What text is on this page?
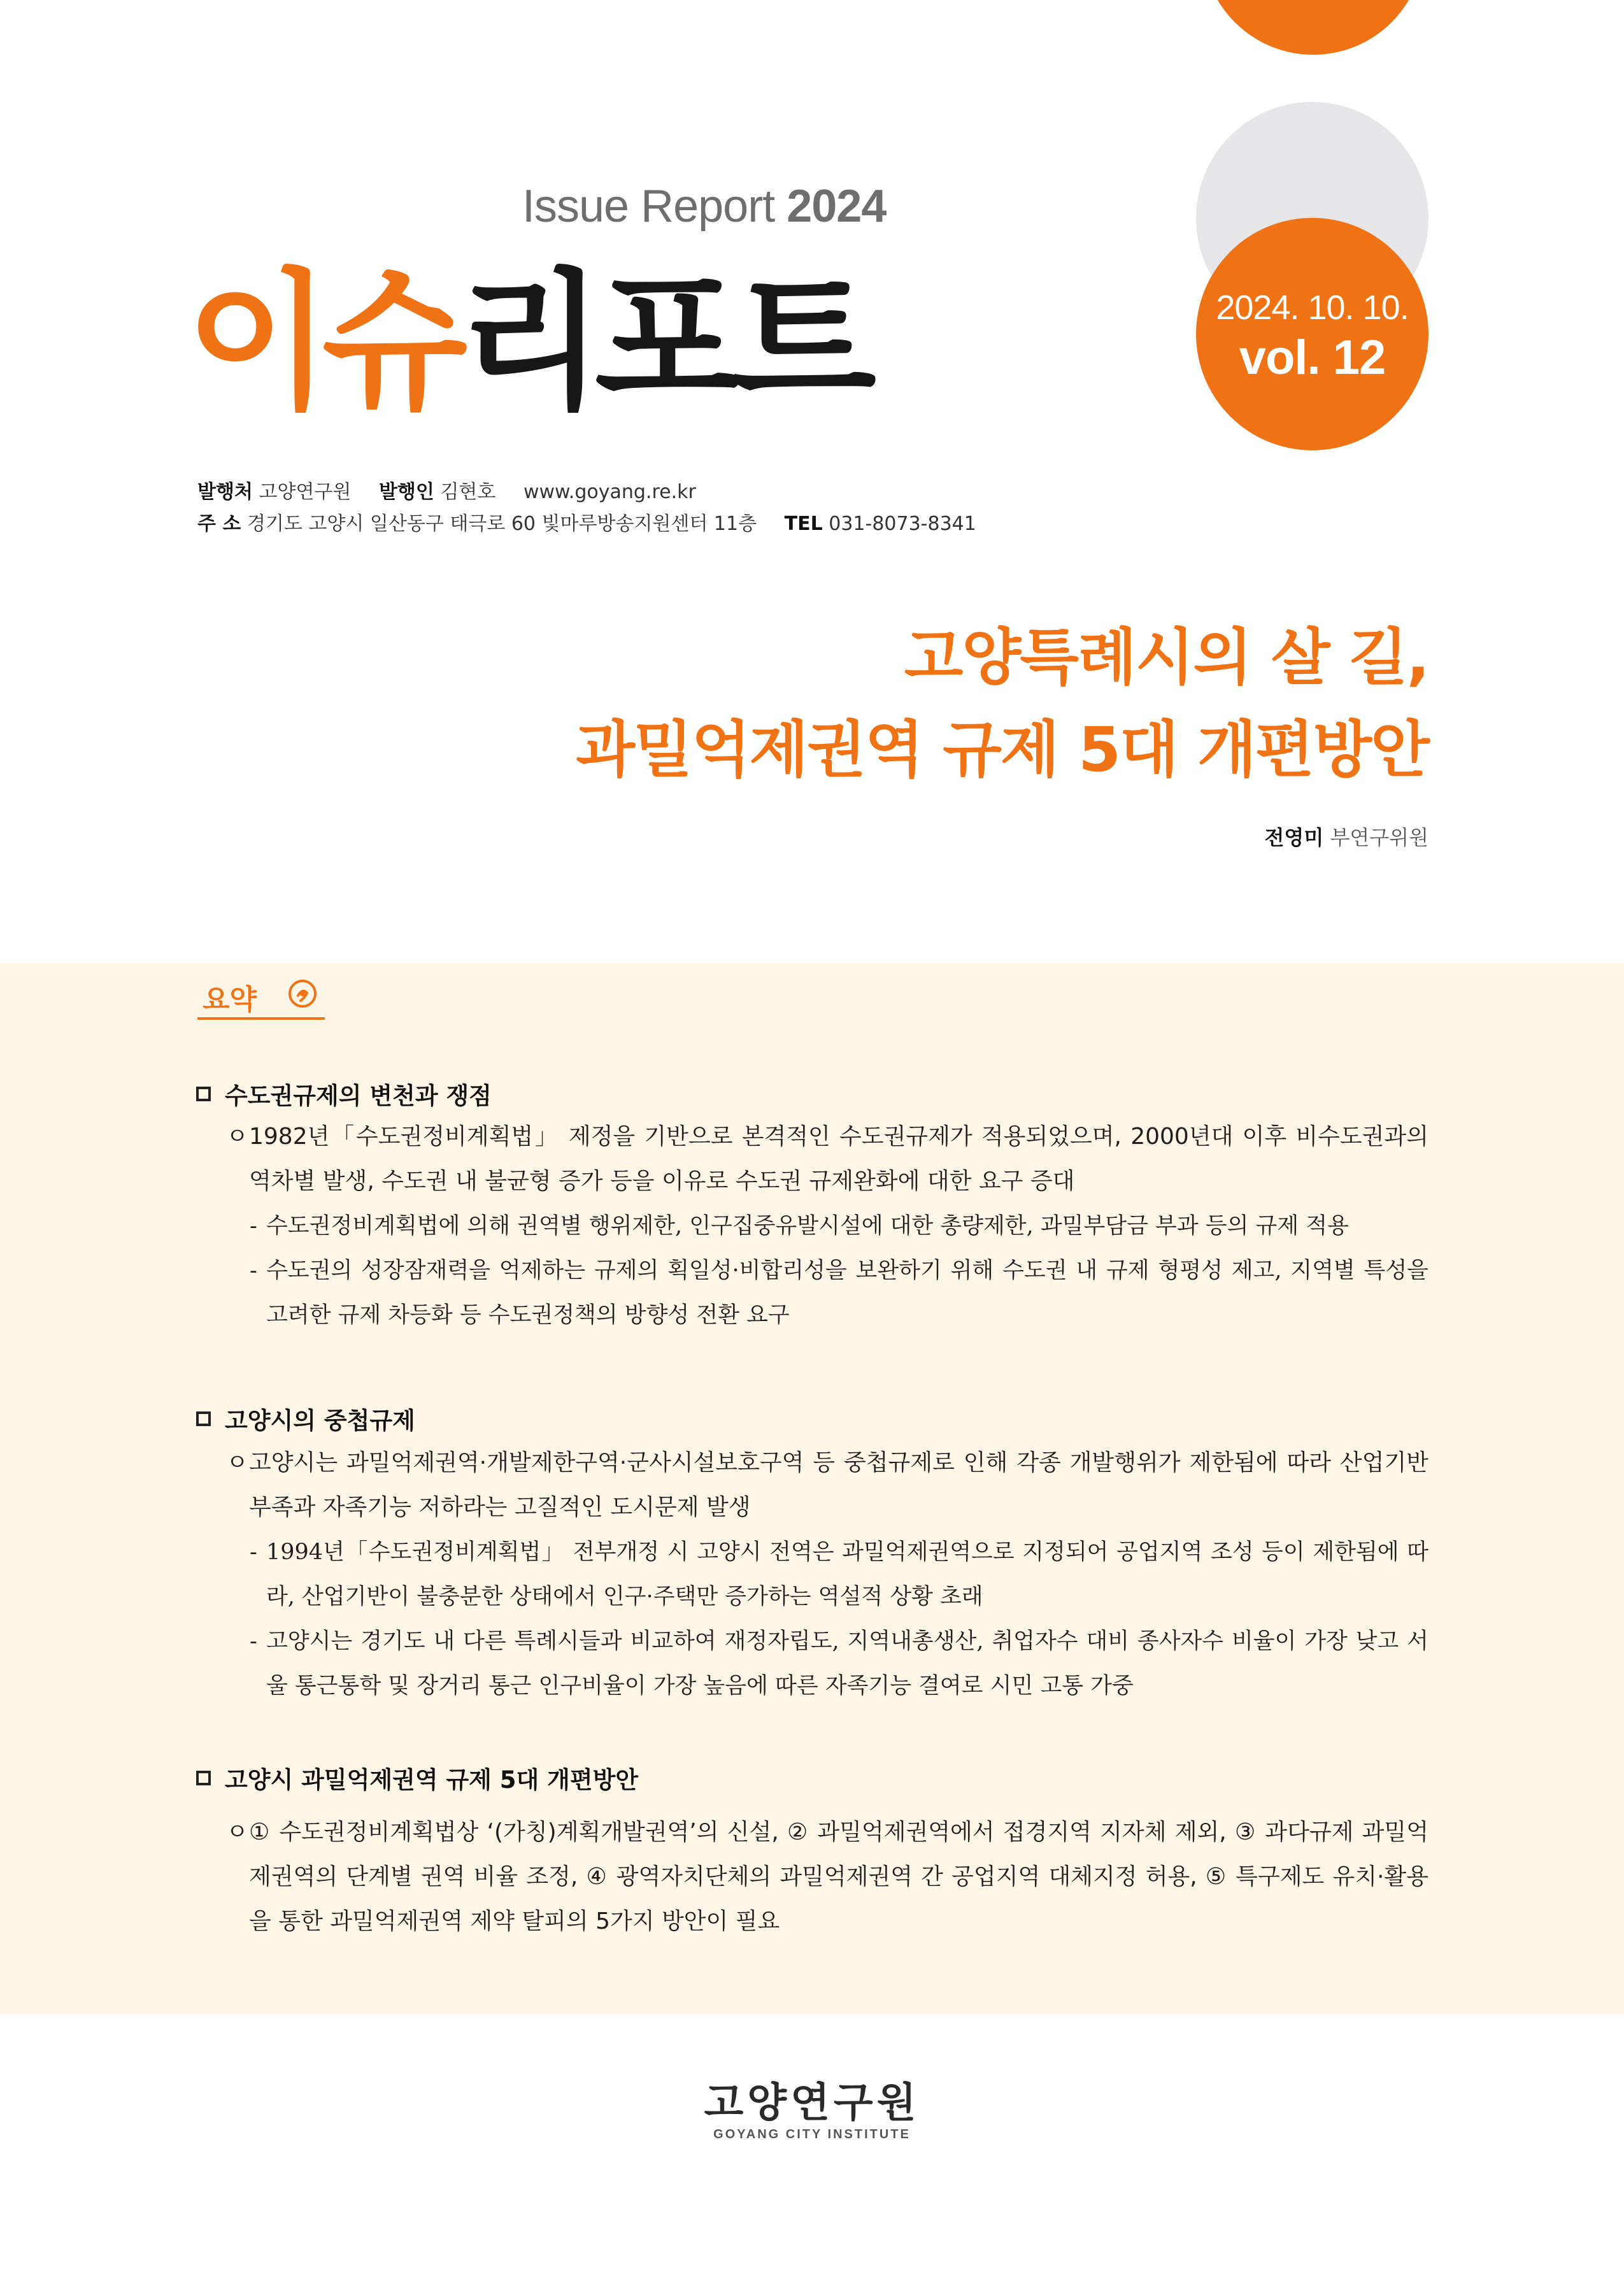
2024. 10. 10.
vol. 12
Issue Report 2024
이슈리포트
발행처 고양연구원 발행인 김현호 www.goyang.re.kr
주 소 경기도 고양시 일산동구 태극로 60 빛마루방송지원센터 11층 TEL 031-8073-8341
고양특례시의 살 길,
과밀억제권역 규제 5대 개편방안
전영미 부연구위원
요약
수도권규제의 변천과 쟁점
ㅇ 1982년「수도권정비계획법」 제정을 기반으로 본격적인 수도권규제가 적용되었으며, 2000년대 이후 비수도권과의 역차별 발생, 수도권 내 불균형 증가 등을 이유로 수도권 규제완화에 대한 요구 증대
- 수도권정비계획법에 의해 권역별 행위제한, 인구집중유발시설에 대한 총량제한, 과밀부담금 부과 등의 규제 적용
- 수도권의 성장잠재력을 억제하는 규제의 획일성·비합리성을 보완하기 위해 수도권 내 규제 형평성 제고, 지역별 특성을 고려한 규제 차등화 등 수도권정책의 방향성 전환 요구
고양시의 중첩규제
ㅇ 고양시는 과밀억제권역·개발제한구역·군사시설보호구역 등 중첩규제로 인해 각종 개발행위가 제한됨에 따라 산업기반 부족과 자족기능 저하라는 고질적인 도시문제 발생
- 1994년「수도권정비계획법」 전부개정 시 고양시 전역은 과밀억제권역으로 지정되어 공업지역 조성 등이 제한됨에 따라, 산업기반이 불충분한 상태에서 인구·주택만 증가하는 역설적 상황 초래
- 고양시는 경기도 내 다른 특례시들과 비교하여 재정자립도, 지역내총생산, 취업자수 대비 종사자수 비율이 가장 낮고 서울 통근통학 및 장거리 통근 인구비율이 가장 높음에 따른 자족기능 결여로 시민 고통 가중
고양시 과밀억제권역 규제 5대 개편방안
ㅇ ① 수도권정비계획법상 ‘(가칭)계획개발권역’의 신설, ② 과밀억제권역에서 접경지역 지자체 제외, ③ 과다규제 과밀억제권역의 단계별 권역 비율 조정, ④ 광역자치단체의 과밀억제권역 간 공업지역 대체지정 허용, ⑤ 특구제도 유치·활용을 통한 과밀억제권역 제약 탈피의 5가지 방안이 필요
고양연구원
GOYANG CITY INSTITUTE
